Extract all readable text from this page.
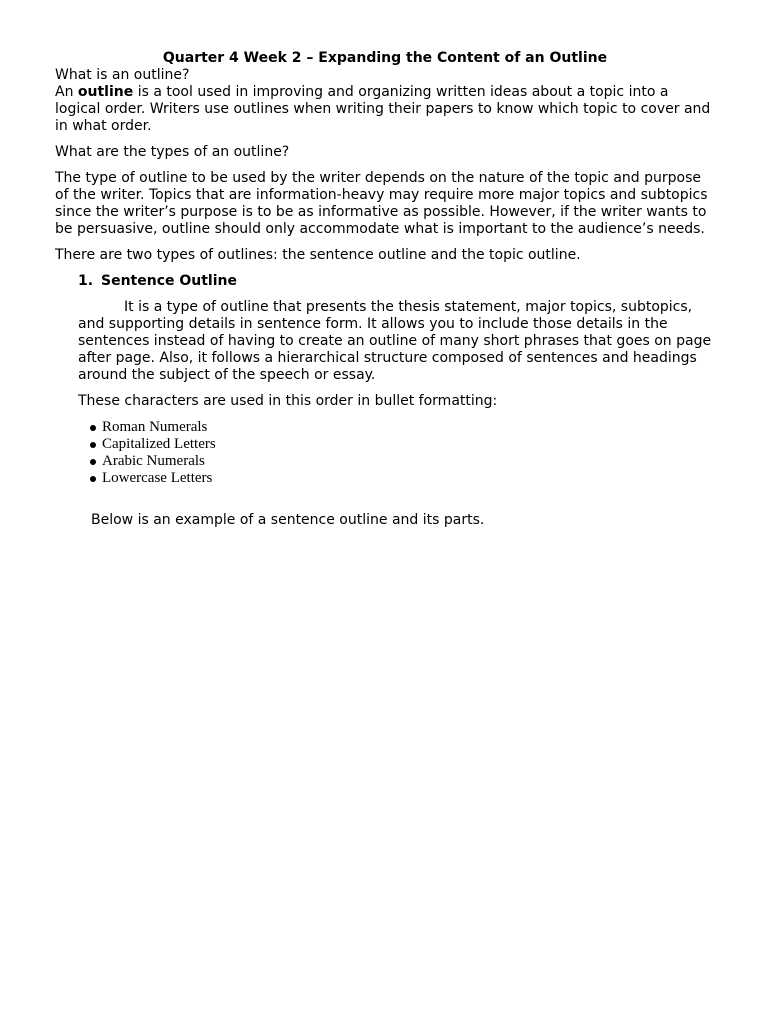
Quarter 4 Week 2 – Expanding the Content of an Outline

What is an outline?

An outline is a tool used in improving and organizing written ideas about a topic into a logical order. Writers use outlines when writing their papers to know which topic to cover and in what order.

What are the types of an outline?

The type of outline to be used by the writer depends on the nature of the topic and purpose of the writer. Topics that are information-heavy may require more major topics and subtopics since the writer’s purpose is to be as informative as possible. However, if the writer wants to be persuasive, outline should only accommodate what is important to the audience’s needs.

There are two types of outlines: the sentence outline and the topic outline.

1. Sentence Outline

It is a type of outline that presents the thesis statement, major topics, subtopics, and supporting details in sentence form. It allows you to include those details in the sentences instead of having to create an outline of many short phrases that goes on page after page. Also, it follows a hierarchical structure composed of sentences and headings around the subject of the speech or essay.

These characters are used in this order in bullet formatting:

Roman Numerals
Capitalized Letters
Arabic Numerals
Lowercase Letters

Below is an example of a sentence outline and its parts.
